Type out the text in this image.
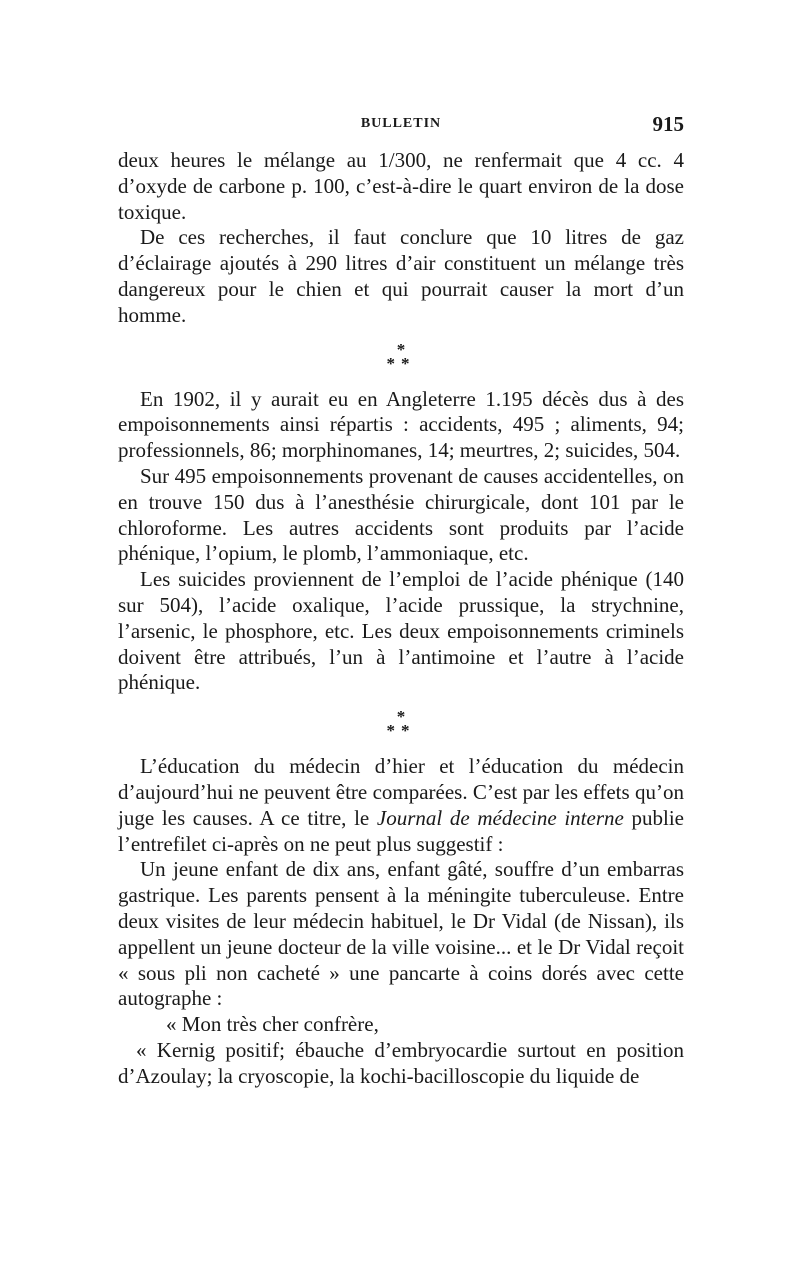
BULLETIN	915

deux heures le mélange au 1/300, ne renfermait que 4 cc. 4 d’oxyde de carbone p. 100, c’est-à-dire le quart environ de la dose toxique.

De ces recherches, il faut conclure que 10 litres de gaz d’éclairage ajoutés à 290 litres d’air constituent un mélange très dangereux pour le chien et qui pourrait causer la mort d’un homme.

*
**

En 1902, il y aurait eu en Angleterre 1.195 décès dus à des empoisonnements ainsi répartis : accidents, 495 ; aliments, 94; professionnels, 86; morphinomanes, 14; meurtres, 2; suicides, 504.

Sur 495 empoisonnements provenant de causes accidentelles, on en trouve 150 dus à l’anesthésie chirurgicale, dont 101 par le chloroforme. Les autres accidents sont produits par l’acide phénique, l’opium, le plomb, l’ammoniaque, etc.

Les suicides proviennent de l’emploi de l’acide phénique (140 sur 504), l’acide oxalique, l’acide prussique, la strychnine, l’arsenic, le phosphore, etc. Les deux empoisonnements criminels doivent être attribués, l’un à l’antimoine et l’autre à l’acide phénique.

*
**

L’éducation du médecin d’hier et l’éducation du médecin d’aujourd’hui ne peuvent être comparées. C’est par les effets qu’on juge les causes. A ce titre, le Journal de médecine interne publie l’entrefilet ci-après on ne peut plus suggestif :

Un jeune enfant de dix ans, enfant gâté, souffre d’un embarras gastrique. Les parents pensent à la méningite tuberculeuse. Entre deux visites de leur médecin habituel, le Dr Vidal (de Nissan), ils appellent un jeune docteur de la ville voisine... et le Dr Vidal reçoit « sous pli non cacheté » une pancarte à coins dorés avec cette autographe :

« Mon très cher confrère,

« Kernig positif; ébauche d’embryocardie surtout en position d’Azoulay; la cryoscopie, la kochi-bacilloscopie du liquide de
